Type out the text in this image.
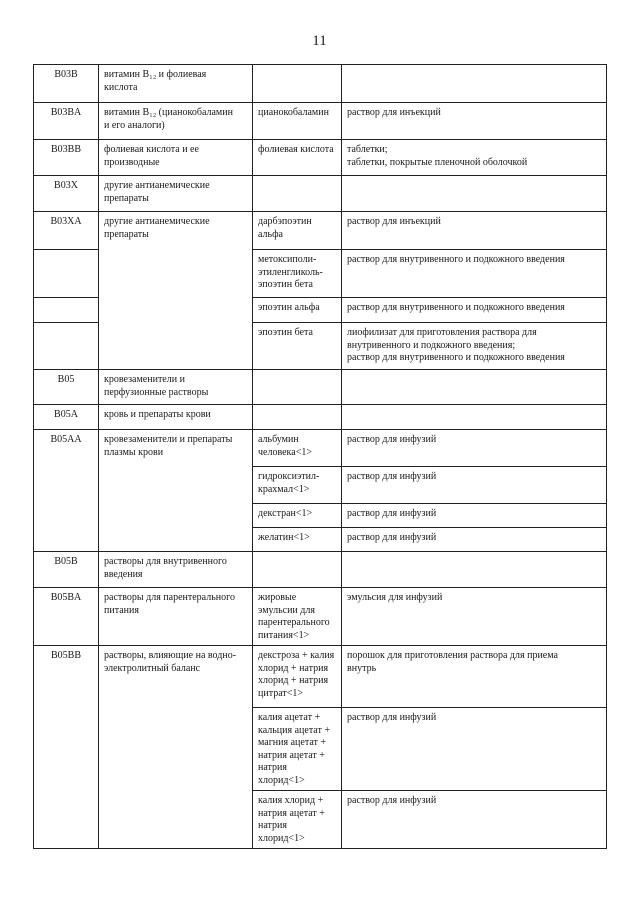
11
B03B	витамин B₁₂ и фолиевая
кислота		
B03BA	витамин B₁₂ (цианокобаламин
и его аналоги)	цианокобаламин	раствор для инъекций
B03BB	фолиевая кислота и ее
производные	фолиевая кислота	таблетки;
таблетки, покрытые пленочной оболочкой
B03X	другие антианемические
препараты		
B03XA	другие антианемические
препараты	дарбэпоэтин
альфа	раствор для инъекций
		метоксиполи-
этиленгликоль-
эпоэтин бета	раствор для внутривенного и подкожного введения
		эпоэтин альфа	раствор для внутривенного и подкожного введения
		эпоэтин бета	лиофилизат для приготовления раствора для
внутривенного и подкожного введения;
раствор для внутривенного и подкожного введения
B05	кровезаменители и
перфузионные растворы		
B05A	кровь и препараты крови		
B05AA	кровезаменители и препараты
плазмы крови	альбумин
человека<1>	раствор для инфузий
		гидроксиэтил-
крахмал<1>	раствор для инфузий
		декстран<1>	раствор для инфузий
		желатин<1>	раствор для инфузий
B05B	растворы для внутривенного
введения		
B05BA	растворы для парентерального
питания	жировые
эмульсии для
парентерального
питания<1>	эмульсия для инфузий
B05BB	растворы, влияющие на водно-
электролитный баланс	декстроза + калия
хлорид + натрия
хлорид + натрия
цитрат<1>	порошок для приготовления раствора для приема
внутрь
		калия ацетат +
кальция ацетат +
магния ацетат +
натрия ацетат +
натрия хлорид<1>	раствор для инфузий
		калия хлорид +
натрия ацетат +
натрия хлорид<1>	раствор для инфузий
